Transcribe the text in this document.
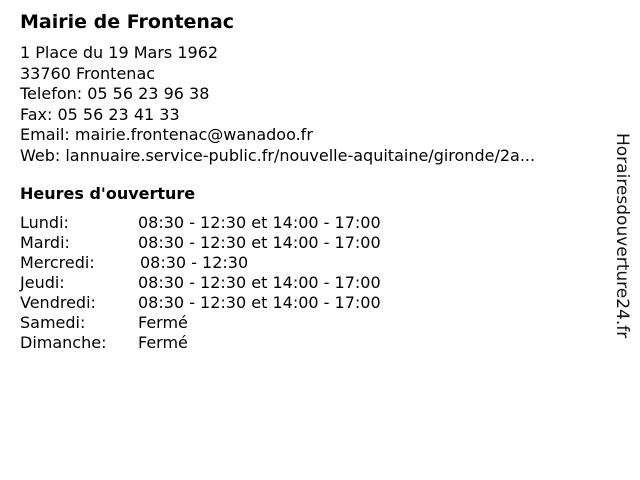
Mairie de Frontenac
1 Place du 19 Mars 1962
33760 Frontenac
Telefon: 05 56 23 96 38
Fax: 05 56 23 41 33
Email: mairie.frontenac@wanadoo.fr
Web: lannuaire.service-public.fr/nouvelle-aquitaine/gironde/2a...
Heures d'ouverture
Lundi:	08:30 - 12:30 et 14:00 - 17:00
Mardi:	08:30 - 12:30 et 14:00 - 17:00
Mercredi:	08:30 - 12:30
Jeudi:	08:30 - 12:30 et 14:00 - 17:00
Vendredi:	08:30 - 12:30 et 14:00 - 17:00
Samedi:	Fermé
Dimanche: Fermé
Horairesdouverture24.fr
